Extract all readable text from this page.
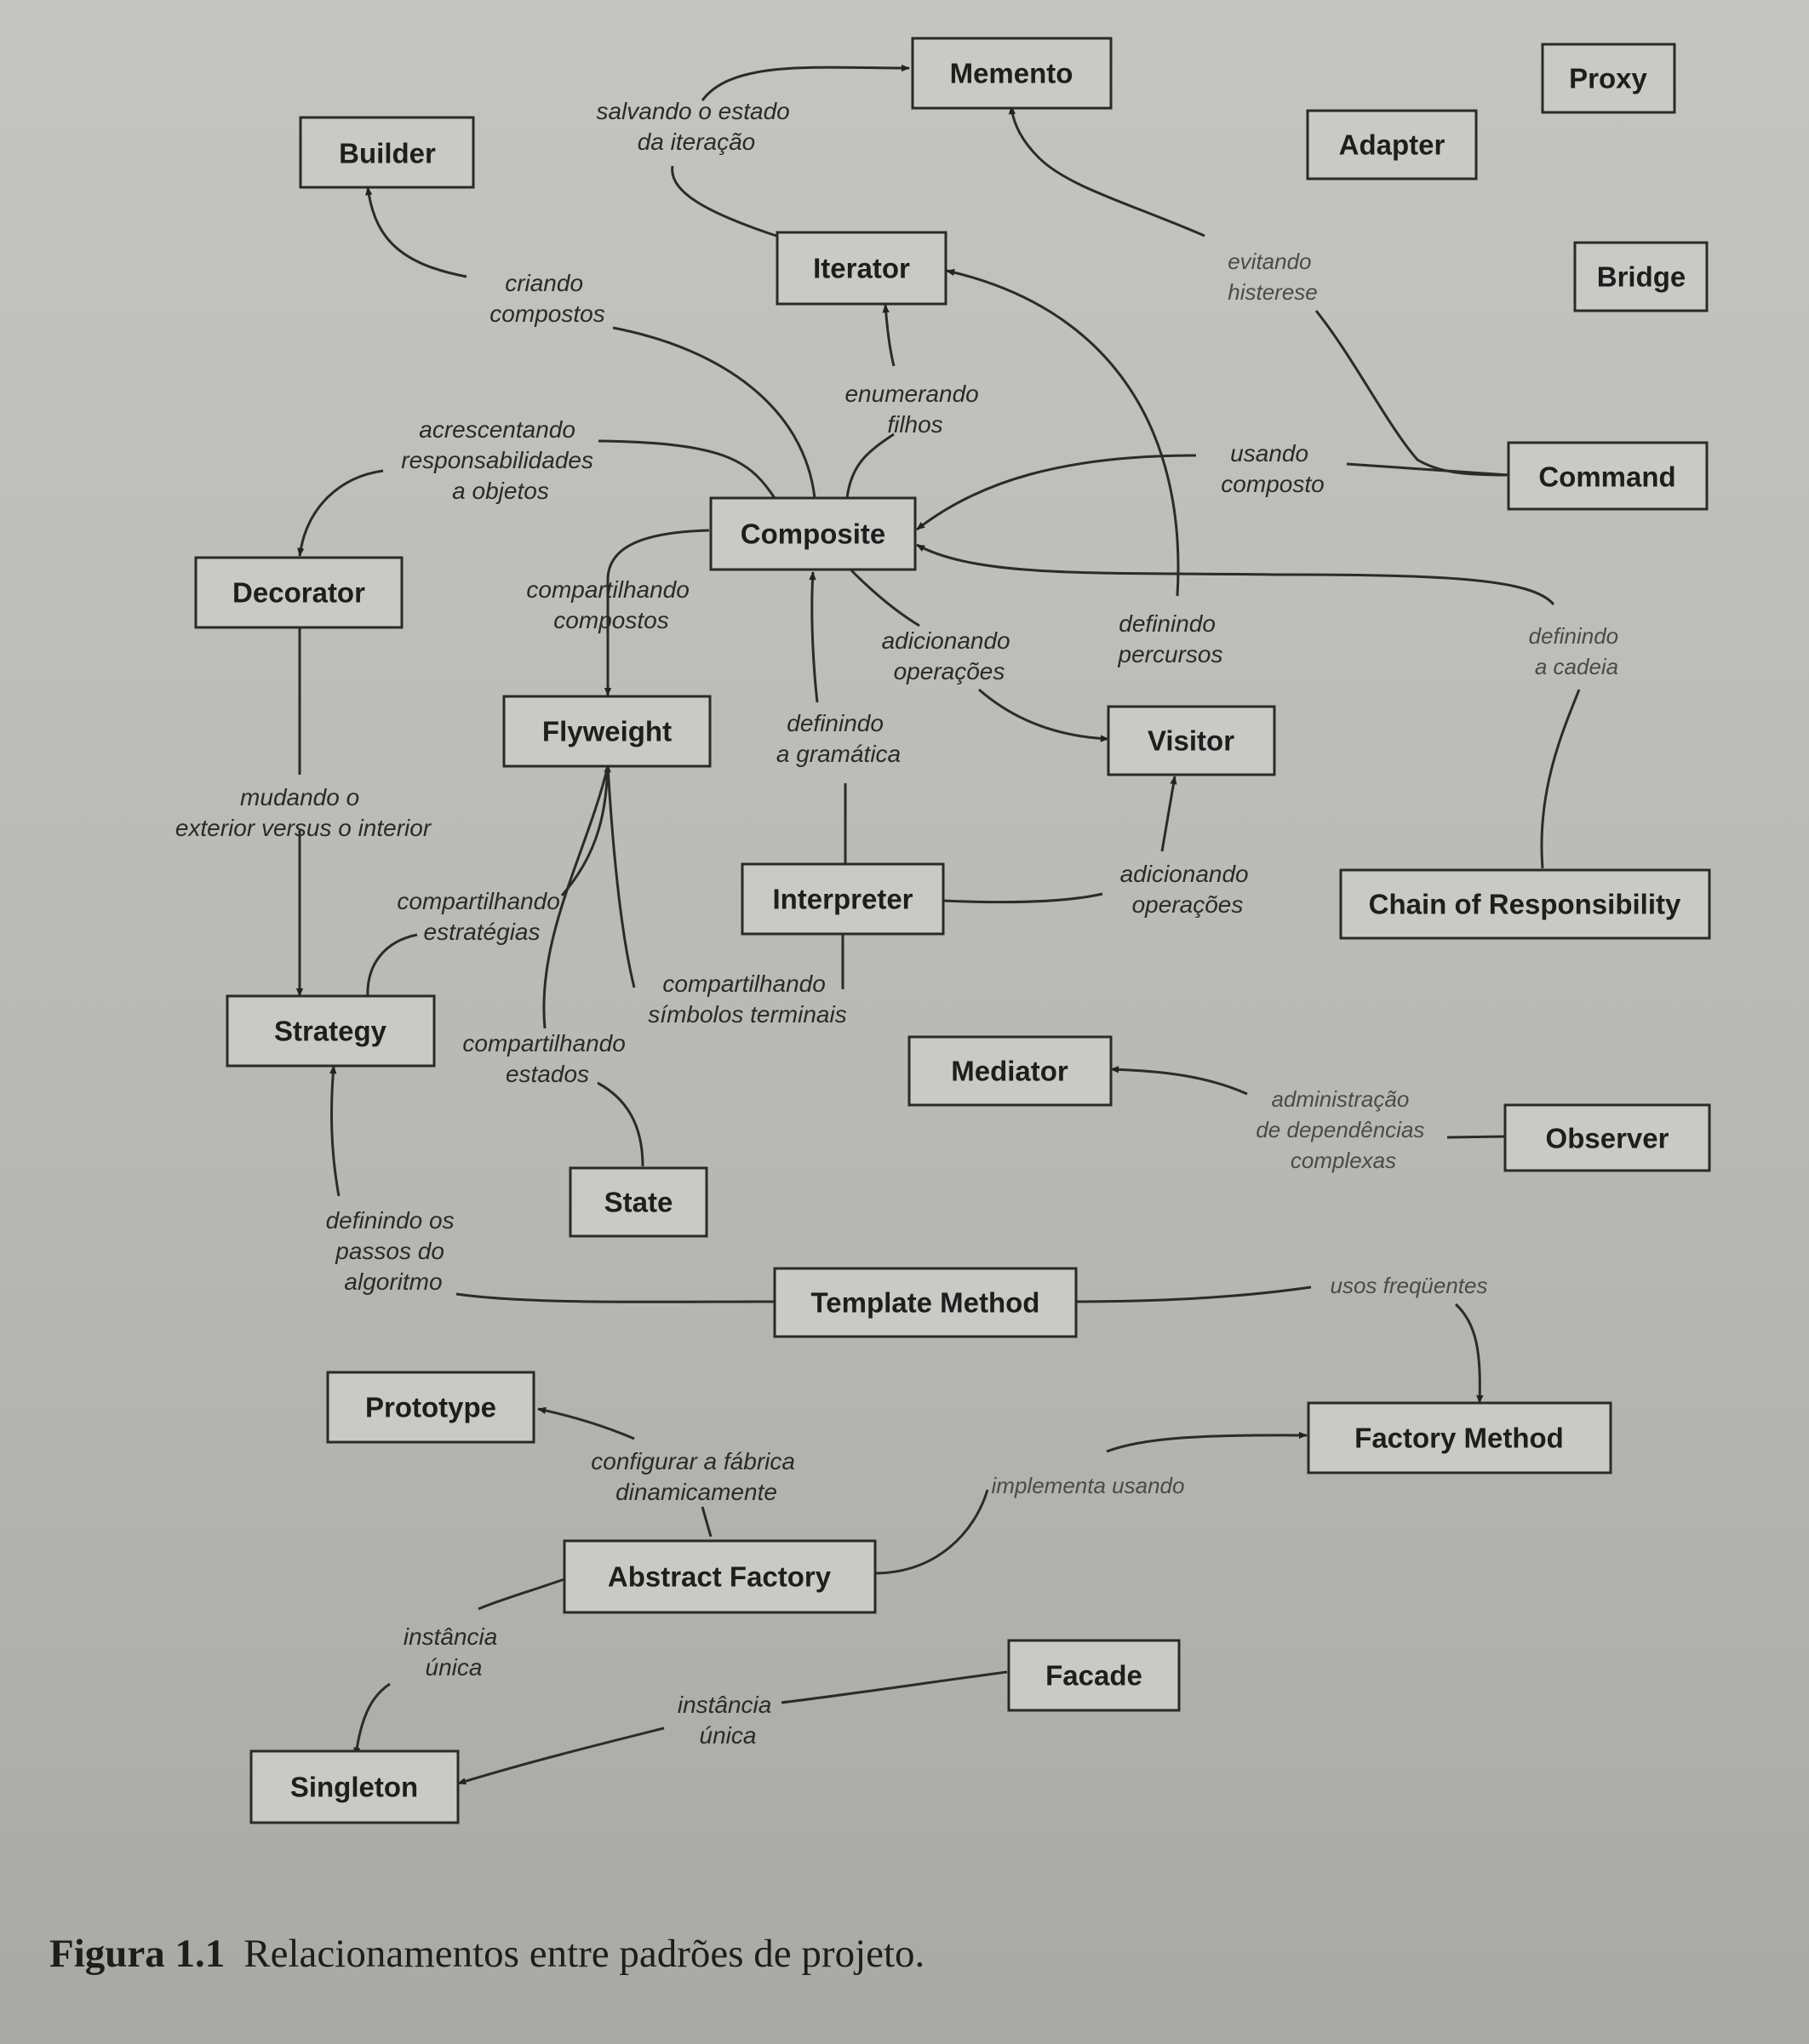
Memento	Proxy
Builder	Adapter
Iterator	Bridge
Composite
Command
Decorator
Flyweight	Visitor
Interpreter	Chain of Responsibility
Strategy
Mediator
Observer
State
Template Method
Prototype
Factory Method
Abstract Factory
Facade
Singleton
salvando o estado da iteração
criando compostos
evitando histerese
enumerando filhos
acrescentando responsabilidades a objetos
usando composto
compartilhando compostos	definindo percursos
definindo a cadeia
adicionando operações
definindo a gramática
mudando o exterior versus o interior
adicionando operações
compartilhando estratégias
compartilhando símbolos terminais
compartilhando estados
administração de dependências complexas
definindo os passos do algoritmo	usos freqüentes
configurar a fábrica dinamicamente	implementa usando
instância única
instância única
Figura 1.1 Relacionamentos entre padrões de projeto.
